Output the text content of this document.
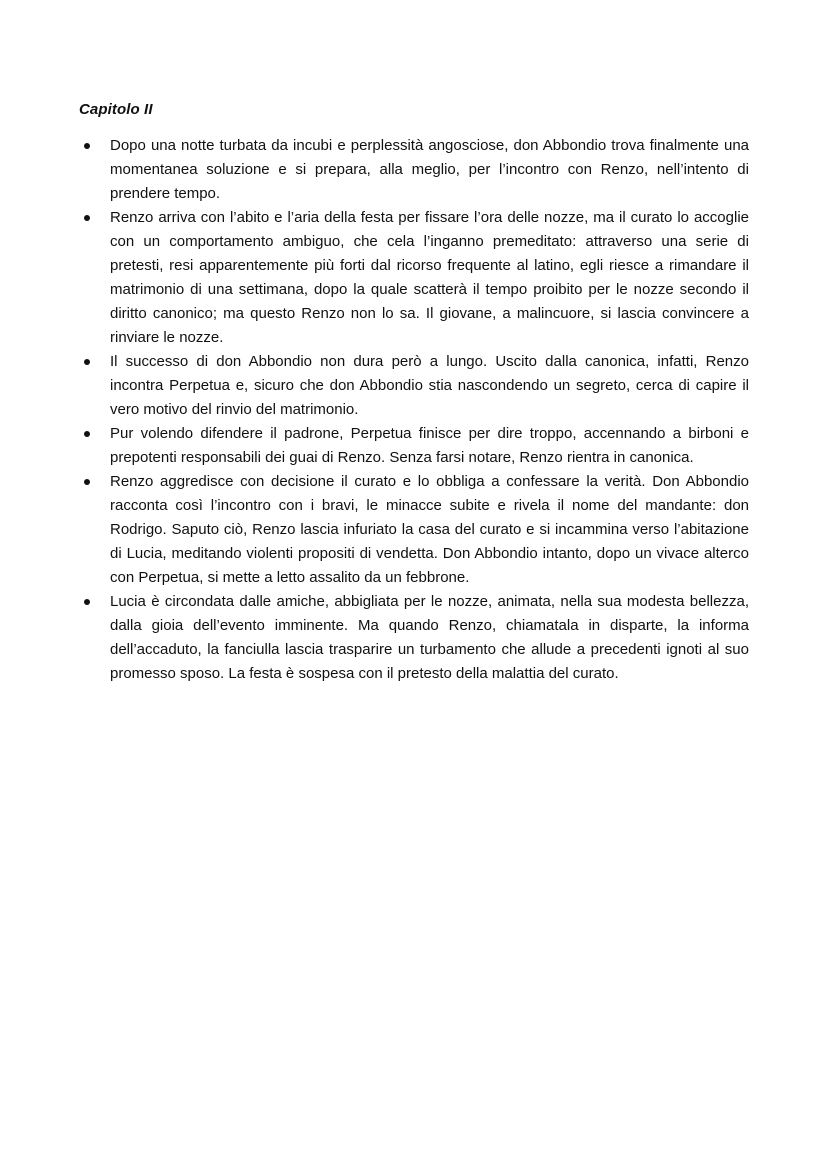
Capitolo II
Dopo una notte turbata da incubi e perplessità angosciose, don Abbondio trova finalmente una momentanea soluzione e si prepara, alla meglio, per l’incontro con Renzo, nell’intento di prendere tempo.
Renzo arriva con l’abito e l’aria della festa per fissare l’ora delle nozze, ma il curato lo accoglie con un comportamento ambiguo, che cela l’inganno premeditato: attraverso una serie di pretesti, resi apparentemente più forti dal ricorso frequente al latino, egli riesce a rimandare il matrimonio di una settimana, dopo la quale scatterà il tempo proibito per le nozze secondo il diritto canonico; ma questo Renzo non lo sa. Il giovane, a malincuore, si lascia convincere a rinviare le nozze.
Il successo di don Abbondio non dura però a lungo. Uscito dalla canonica, infatti, Renzo incontra Perpetua e, sicuro che don Abbondio stia nascondendo un segreto, cerca di capire il vero motivo del rinvio del matrimonio.
Pur volendo difendere il padrone, Perpetua finisce per dire troppo, accennando a birboni e prepotenti responsabili dei guai di Renzo. Senza farsi notare, Renzo rientra in canonica.
Renzo aggredisce con decisione il curato e lo obbliga a confessare la verità. Don Abbondio racconta così l’incontro con i bravi, le minacce subite e rivela il nome del mandante: don Rodrigo. Saputo ciò, Renzo lascia infuriato la casa del curato e si incammina verso l’abitazione di Lucia, meditando violenti propositi di vendetta. Don Abbondio intanto, dopo un vivace alterco con Perpetua, si mette a letto assalito da un febbrone.
Lucia è circondata dalle amiche, abbigliata per le nozze, animata, nella sua modesta bellezza, dalla gioia dell’evento imminente. Ma quando Renzo, chiamatala in disparte, la informa dell’accaduto, la fanciulla lascia trasparire un turbamento che allude a precedenti ignoti al suo promesso sposo. La festa è sospesa con il pretesto della malattia del curato.
